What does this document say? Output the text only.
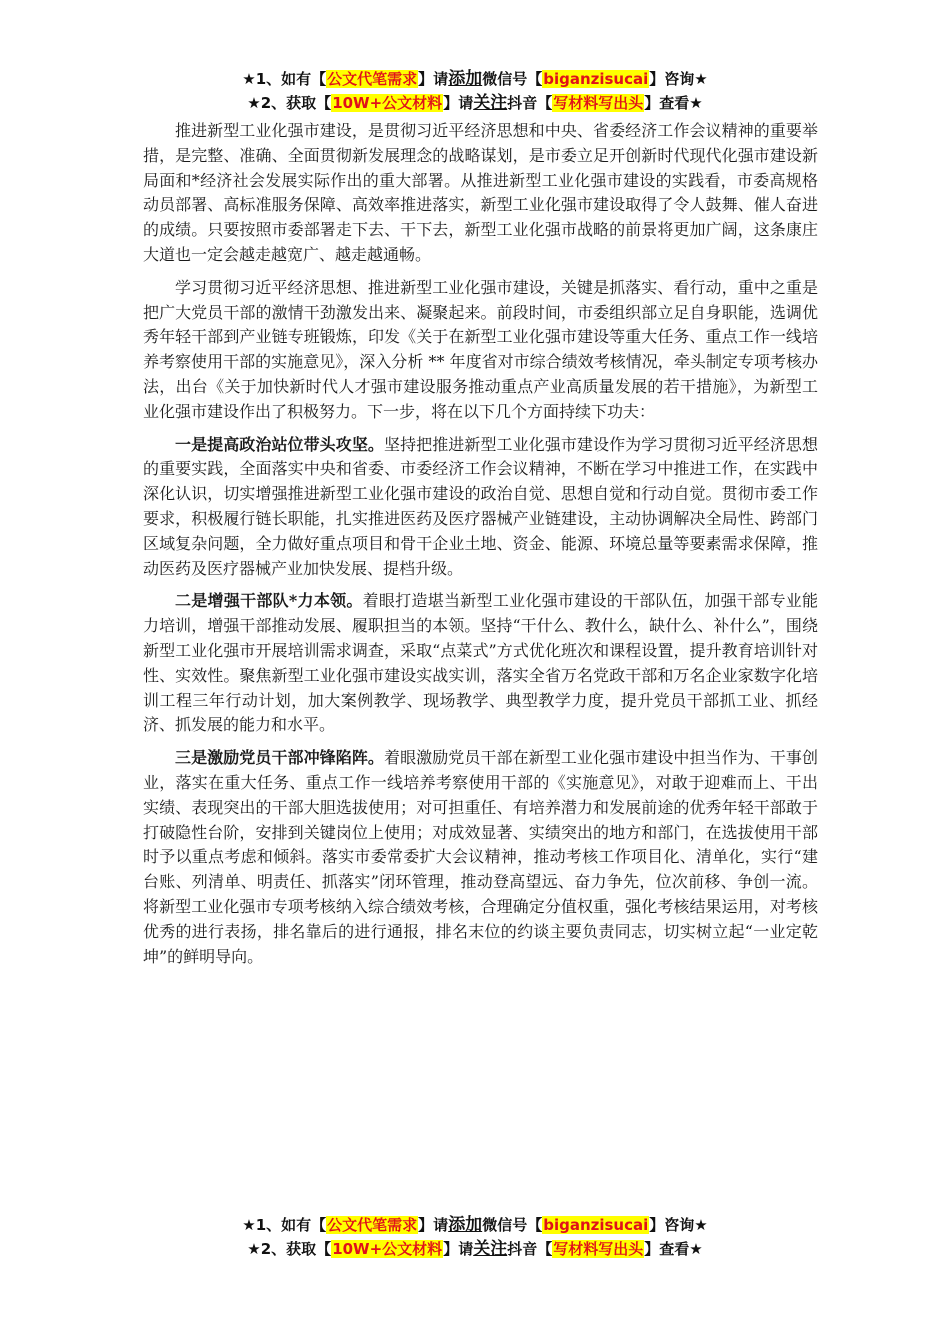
★1、如有【公文代笔需求】请添加微信号【biganzisucai】咨询★
★2、获取【10W+公文材料】请关注抖音【写材料写出头】查看★

推进新型工业化强市建设，是贯彻习近平经济思想和中央、省委经济工作会议精神的重要举措，是完整、准确、全面贯彻新发展理念的战略谋划，是市委立足开创新时代现代化强市建设新局面和*经济社会发展实际作出的重大部署。从推进新型工业化强市建设的实践看，市委高规格动员部署、高标准服务保障、高效率推进落实，新型工业化强市建设取得了令人鼓舞、催人奋进的成绩。只要按照市委部署走下去、干下去，新型工业化强市战略的前景将更加广阔，这条康庄大道也一定会越走越宽广、越走越通畅。

学习贯彻习近平经济思想、推进新型工业化强市建设，关键是抓落实、看行动，重中之重是把广大党员干部的激情干劲激发出来、凝聚起来。前段时间，市委组织部立足自身职能，选调优秀年轻干部到产业链专班锻炼，印发《关于在新型工业化强市建设等重大任务、重点工作一线培养考察使用干部的实施意见》，深入分析 ** 年度省对市综合绩效考核情况，牵头制定专项考核办法，出台《关于加快新时代人才强市建设服务推动重点产业高质量发展的若干措施》，为新型工业化强市建设作出了积极努力。下一步，将在以下几个方面持续下功夫：

一是提高政治站位带头攻坚。坚持把推进新型工业化强市建设作为学习贯彻习近平经济思想的重要实践，全面落实中央和省委、市委经济工作会议精神，不断在学习中推进工作，在实践中深化认识，切实增强推进新型工业化强市建设的政治自觉、思想自觉和行动自觉。贯彻市委工作要求，积极履行链长职能，扎实推进医药及医疗器械产业链建设，主动协调解决全局性、跨部门区域复杂问题，全力做好重点项目和骨干企业土地、资金、能源、环境总量等要素需求保障，推动医药及医疗器械产业加快发展、提档升级。

二是增强干部队*力本领。着眼打造堪当新型工业化强市建设的干部队伍，加强干部专业能力培训，增强干部推动发展、履职担当的本领。坚持“干什么、教什么，缺什么、补什么”，围绕新型工业化强市开展培训需求调查，采取“点菜式”方式优化班次和课程设置，提升教育培训针对性、实效性。聚焦新型工业化强市建设实战实训，落实全省万名党政干部和万名企业家数字化培训工程三年行动计划，加大案例教学、现场教学、典型教学力度，提升党员干部抓工业、抓经济、抓发展的能力和水平。

三是激励党员干部冲锋陷阵。着眼激励党员干部在新型工业化强市建设中担当作为、干事创业，落实在重大任务、重点工作一线培养考察使用干部的《实施意见》，对敢于迎难而上、干出实绩、表现突出的干部大胆选拔使用；对可担重任、有培养潜力和发展前途的优秀年轻干部敢于打破隐性台阶，安排到关键岗位上使用；对成效显著、实绩突出的地方和部门，在选拔使用干部时予以重点考虑和倾斜。落实市委常委扩大会议精神，推动考核工作项目化、清单化，实行“建台账、列清单、明责任、抓落实”闭环管理，推动登高望远、奋力争先，位次前移、争创一流。将新型工业化强市专项考核纳入综合绩效考核，合理确定分值权重，强化考核结果运用，对考核优秀的进行表扬，排名靠后的进行通报，排名末位的约谈主要负责同志，切实树立起“一业定乾坤”的鲜明导向。

★1、如有【公文代笔需求】请添加微信号【biganzisucai】咨询★
★2、获取【10W+公文材料】请关注抖音【写材料写出头】查看★
